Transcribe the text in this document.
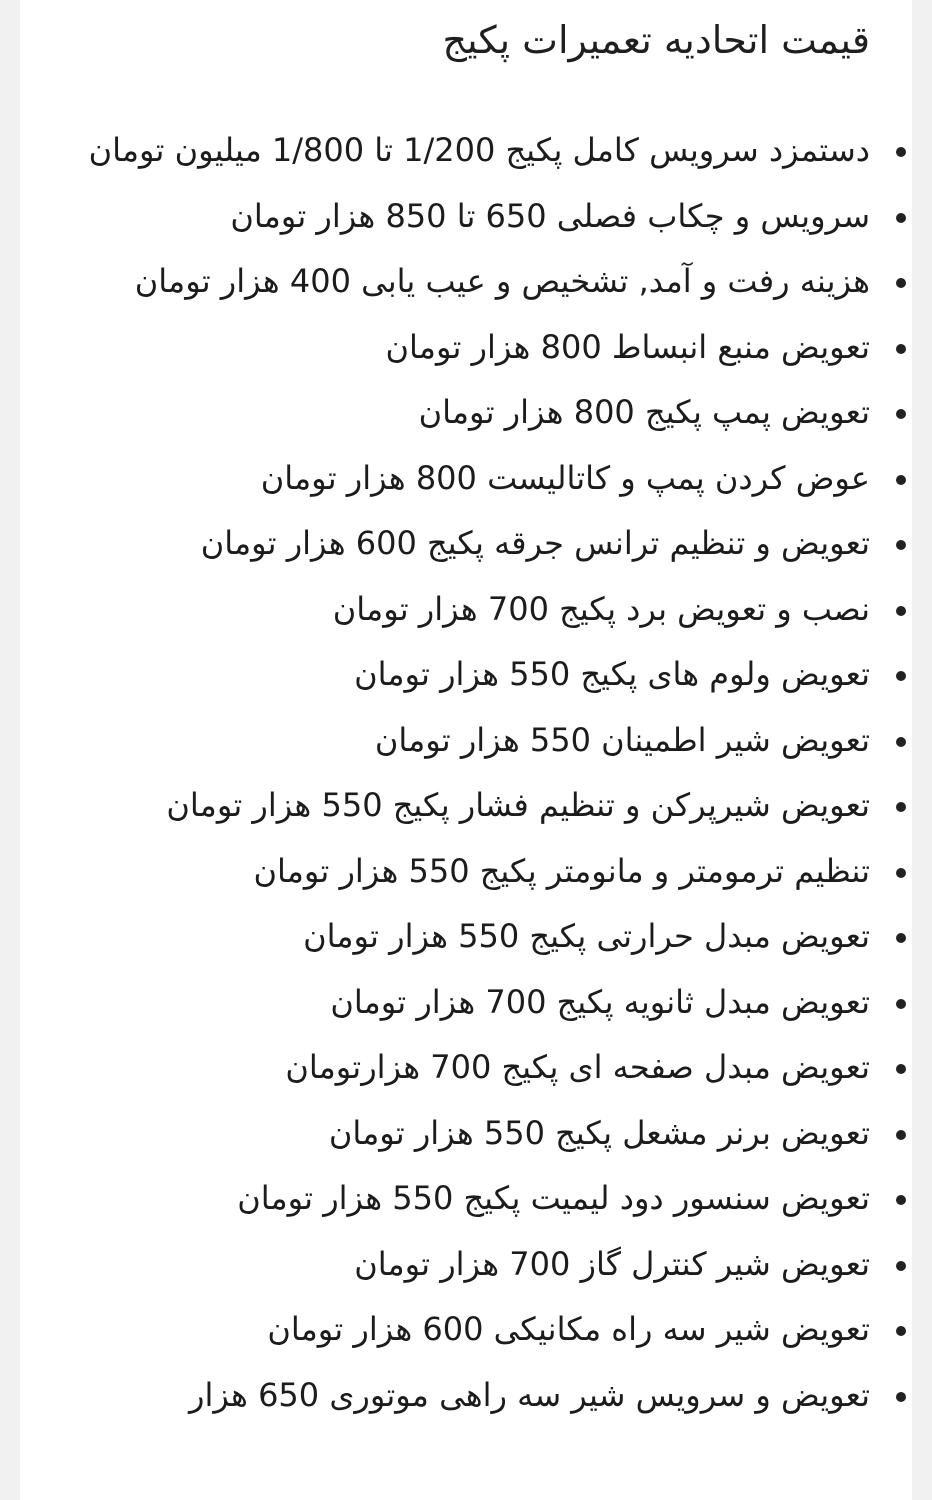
قیمت اتحادیه تعمیرات پکیج
دستمزد سرویس کامل پکیج 1/200 تا 1/800 میلیون تومان
سرویس و چکاب فصلی 650 تا 850 هزار تومان
هزینه رفت و آمد, تشخیص و عیب یابی 400 هزار تومان
تعویض منبع انبساط 800 هزار تومان
تعویض پمپ پکیج 800 هزار تومان
عوض کردن پمپ و کاتالیست 800 هزار تومان
تعویض و تنظیم ترانس جرقه پکیج 600 هزار تومان
نصب و تعویض برد پکیج 700 هزار تومان
تعویض ولوم های پکیج 550 هزار تومان
تعویض شیر اطمینان 550 هزار تومان
تعویض شیرپرکن و تنظیم فشار پکیج 550 هزار تومان
تنظیم ترمومتر و مانومتر پکیج 550 هزار تومان
تعویض مبدل حرارتی پکیج 550 هزار تومان
تعویض مبدل ثانویه پکیج 700 هزار تومان
تعویض مبدل صفحه ای پکیج 700 هزارتومان
تعویض برنر مشعل پکیج 550 هزار تومان
تعویض سنسور دود لیمیت پکیج 550 هزار تومان
تعویض شیر کنترل گاز 700 هزار تومان
تعویض شیر سه راه مکانیکی 600 هزار تومان
تعویض و سرویس شیر سه راهی موتوری 650 هزار
